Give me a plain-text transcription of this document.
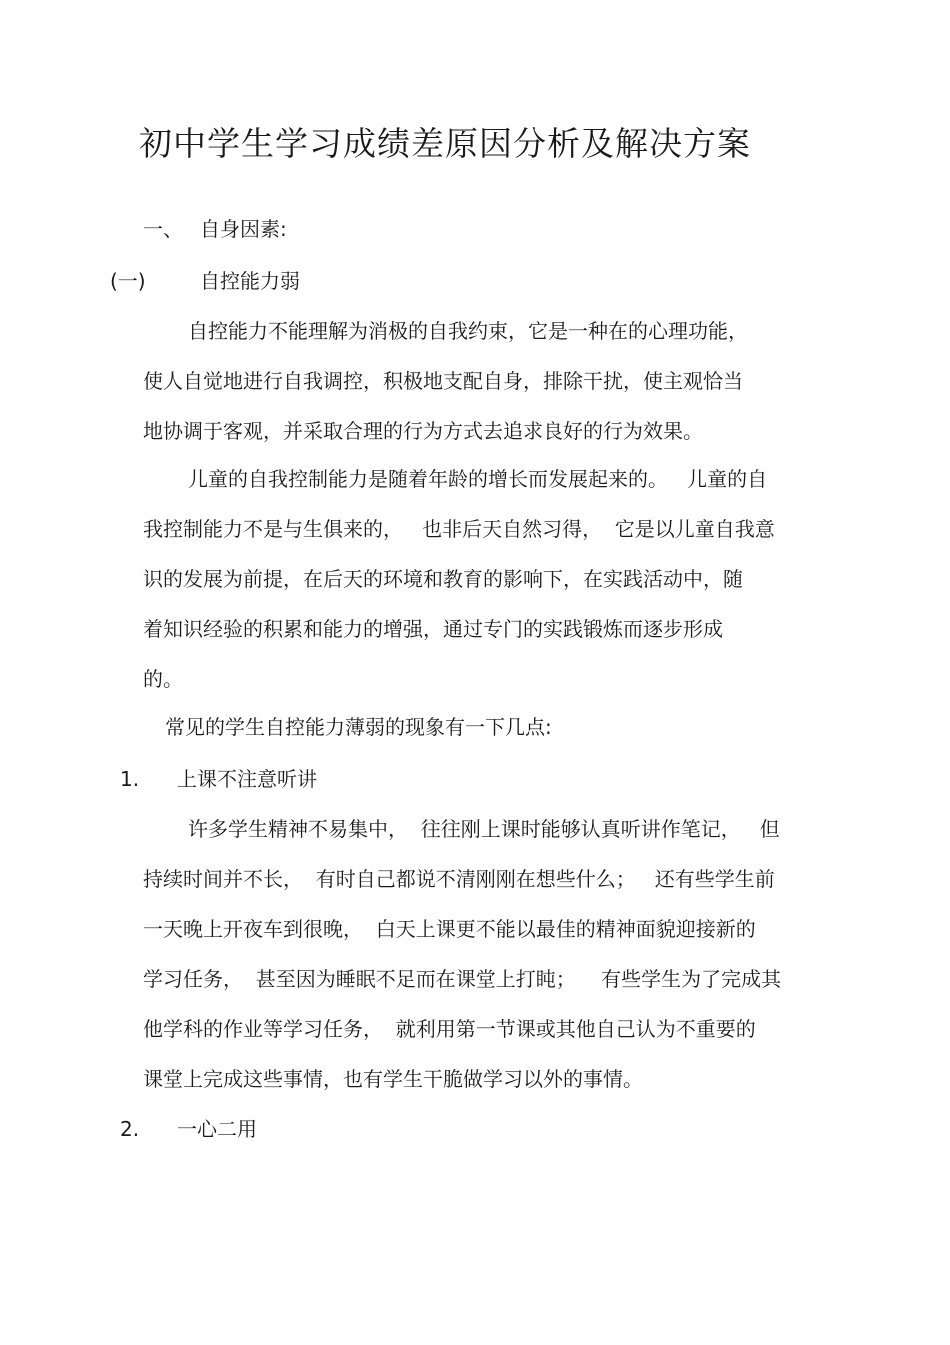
初中学生学习成绩差原因分析及解决方案
一、 自身因素:
(一)	自控能力弱
自控能力不能理解为消极的自我约束，它是一种在的心理功能，
使人自觉地进行自我调控，积极地支配自身，排除干扰，使主观恰当
地协调于客观，并采取合理的行为方式去追求良好的行为效果。
儿童的自我控制能力是随着年龄的增长而发展起来的。   儿童的自
我控制能力不是与生俱来的，   也非后天自然习得，  它是以儿童自我意
识的发展为前提，在后天的环境和教育的影响下，在实践活动中，随
着知识经验的积累和能力的增强，通过专门的实践锻炼而逐步形成
的。
常见的学生自控能力薄弱的现象有一下几点:
1. 上课不注意听讲
许多学生精神不易集中，  往往刚上课时能够认真听讲作笔记，   但
持续时间并不长，  有时自己都说不清刚刚在想些什么；   还有些学生前
一天晚上开夜车到很晚，  白天上课更不能以最佳的精神面貌迎接新的
学习任务，  甚至因为睡眠不足而在课堂上打盹；    有些学生为了完成其
他学科的作业等学习任务，  就利用第一节课或其他自己认为不重要的
课堂上完成这些事情，也有学生干脆做学习以外的事情。
2. 一心二用
